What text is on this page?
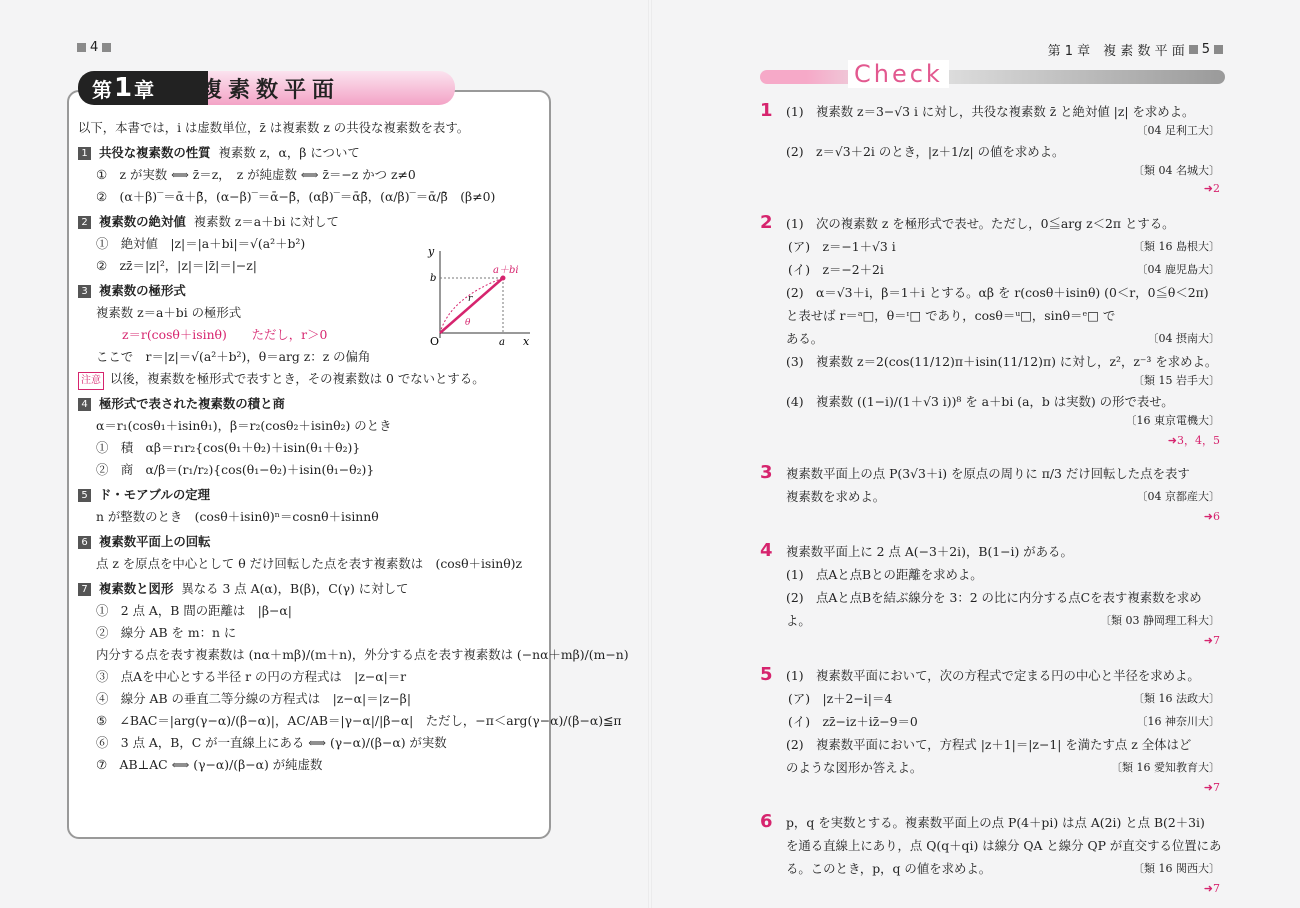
4
第 1 章 複素数平面
以下，本書では，i は虚数単位，z̄ は複素数 z の共役な複素数を表す。
1 共役な複素数の性質 複素数 z，α，β について
①　z が実数 ⟺ z̄＝z，　z が純虚数 ⟺ z̄＝−z かつ z≠0
②　(α＋β)‾＝ᾱ＋β̄，(α−β)‾＝ᾱ−β̄，(αβ)‾＝ᾱβ̄，(α/β)‾＝ᾱ/β̄　(β≠0)
2 複素数の絶対値 複素数 z＝a＋bi に対して
①　絶対値　|z|＝|a＋bi|＝√(a²＋b²)
②　zz̄＝|z|²，|z|＝|z̄|＝|−z|
3 複素数の極形式
複素数 z＝a＋bi の極形式
z＝r(cosθ＋isinθ)　　ただし，r＞0
ここで　r＝|z|＝√(a²＋b²)，θ＝arg z：z の偏角
注意 以後，複素数を極形式で表すとき，その複素数は 0 でないとする。
4 極形式で表された複素数の積と商
α＝r₁(cosθ₁＋isinθ₁)，β＝r₂(cosθ₂＋isinθ₂) のとき
①　積　αβ＝r₁r₂{cos(θ₁＋θ₂)＋isin(θ₁＋θ₂)}
②　商　α/β＝(r₁/r₂){cos(θ₁−θ₂)＋isin(θ₁−θ₂)}
5 ド・モアブルの定理
n が整数のとき　(cosθ＋isinθ)ⁿ＝cosnθ＋isinnθ
6 複素数平面上の回転
点 z を原点を中心として θ だけ回転した点を表す複素数は　(cosθ＋isinθ)z
7 複素数と図形 異なる 3 点 A(α)，B(β)，C(γ) に対して
①　2 点 A，B 間の距離は　|β−α|
②　線分 AB を m：n に
内分する点を表す複素数は (nα＋mβ)/(m＋n)，外分する点を表す複素数は (−nα＋mβ)/(m−n)
③　点Aを中心とする半径 r の円の方程式は　|z−α|＝r
④　線分 AB の垂直二等分線の方程式は　|z−α|＝|z−β|
⑤　∠BAC＝|arg(γ−α)/(β−α)|，AC/AB＝|γ−α|/|β−α|　ただし，−π＜arg(γ−α)/(β−α)≦π
⑥　3 点 A，B，C が一直線上にある ⟺ (γ−α)/(β−α) が実数
⑦　AB⊥AC ⟺ (γ−α)/(β−α) が純虚数
y
x
O
a＋bi
a
b
r
θ
第 1 章　複 素 数 平 面 5
Check
1 (1)　複素数 z＝3−√3 i に対し，共役な複素数 z̄ と絶対値 |z| を求めよ。
〔04 足利工大〕
(2)　z＝√3＋2i のとき，|z＋1/z| の値を求めよ。
〔類 04 名城大〕
➜2
2 (1)　次の複素数 z を極形式で表せ。ただし，0≦arg z＜2π とする。
(ア)　z＝−1＋√3 i	〔類 16 島根大〕
(イ)　z＝−2＋2i	〔04 鹿児島大〕
(2)　α＝√3＋i，β＝1＋i とする。αβ を r(cosθ＋isinθ) (0＜r，0≦θ＜2π)
と表せば r＝ᵃ□，θ＝ᶦ□ であり，cosθ＝ᵘ□，sinθ＝ᵉ□ で
ある。	〔04 摂南大〕
(3)　複素数 z＝2(cos(11/12)π＋isin(11/12)π) に対し，z²，z⁻³ を求めよ。
〔類 15 岩手大〕
(4)　複素数 ((1−i)/(1＋√3 i))⁸ を a＋bi (a，b は実数) の形で表せ。
〔16 東京電機大〕
➜3，4，5
3 複素数平面上の点 P(3√3＋i) を原点の周りに π/3 だけ回転した点を表す
複素数を求めよ。	〔04 京都産大〕
➜6
4 複素数平面上に 2 点 A(−3＋2i)，B(1−i) がある。
(1)　点Aと点Bとの距離を求めよ。
(2)　点Aと点Bを結ぶ線分を 3：2 の比に内分する点Cを表す複素数を求め
よ。	〔類 03 静岡理工科大〕
➜7
5 (1)　複素数平面において，次の方程式で定まる円の中心と半径を求めよ。
(ア)　|z＋2−i|＝4	〔類 16 法政大〕
(イ)　zz̄−iz＋iz̄−9＝0	〔16 神奈川大〕
(2)　複素数平面において，方程式 |z＋1|＝|z−1| を満たす点 z 全体はど
のような図形か答えよ。	〔類 16 愛知教育大〕
➜7
6 p，q を実数とする。複素数平面上の点 P(4＋pi) は点 A(2i) と点 B(2＋3i)
を通る直線上にあり，点 Q(q＋qi) は線分 QA と線分 QP が直交する位置にあ
る。このとき，p，q の値を求めよ。	〔類 16 関西大〕
➜7
